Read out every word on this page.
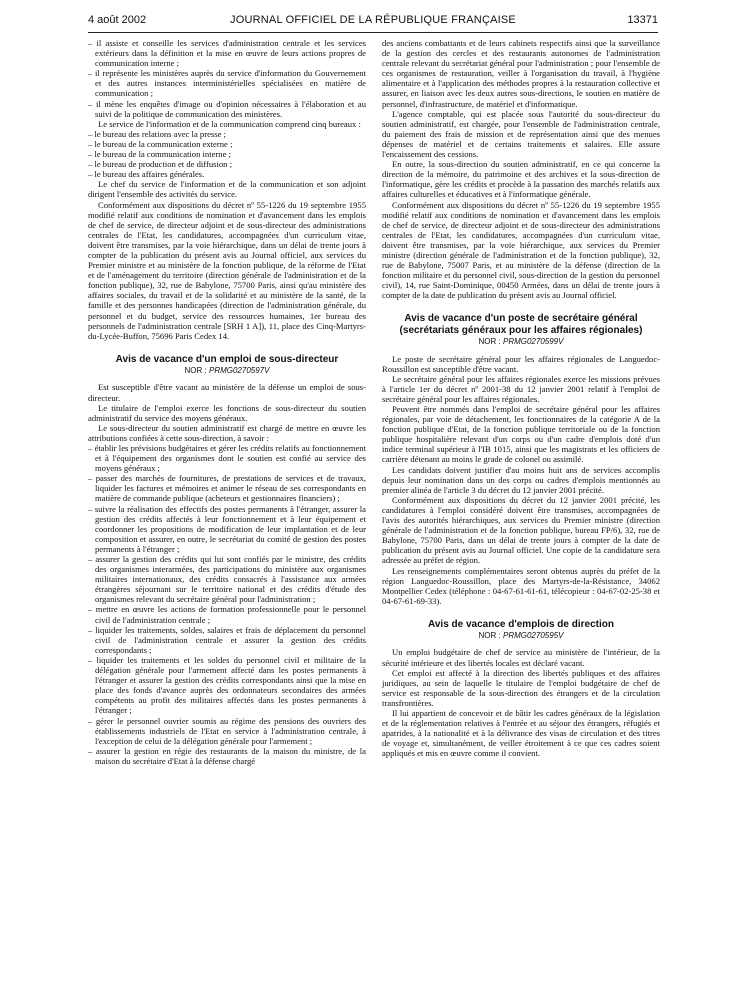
4 août 2002	JOURNAL OFFICIEL DE LA RÉPUBLIQUE FRANÇAISE	13371

– il assiste et conseille les services d'administration centrale et les services extérieurs dans la définition et la mise en œuvre de leurs actions propres de communication interne ;

– il représente les ministères auprès du service d'information du Gouvernement et des autres instances interministérielles spécialisées en matière de communication ;

– il mène les enquêtes d'image ou d'opinion nécessaires à l'élaboration et au suivi de la politique de communication des ministères.

Le service de l'information et de la communication comprend cinq bureaux :

– le bureau des relations avec la presse ;

– le bureau de la communication externe ;

– le bureau de la communication interne ;

– le bureau de production et de diffusion ;

– le bureau des affaires générales.

Le chef du service de l'information et de la communication et son adjoint dirigent l'ensemble des activités du service.

Conformément aux dispositions du décret nº 55-1226 du 19 septembre 1955 modifié relatif aux conditions de nomination et d'avancement dans les emplois de chef de service, de directeur adjoint et de sous-directeur des administrations centrales de l'Etat, les candidatures, accompagnées d'un curriculum vitae, doivent être transmises, par la voie hiérarchique, dans un délai de trente jours à compter de la publication du présent avis au Journal officiel, aux services du Premier ministre et au ministère de la fonction publique, de la réforme de l'Etat et de l'aménagement du territoire (direction générale de l'administration et de la fonction publique), 32, rue de Babylone, 75700 Paris, ainsi qu'au ministère des affaires sociales, du travail et de la solidarité et au ministère de la santé, de la famille et des personnes handicapées (direction de l'administration générale, du personnel et du budget, service des ressources humaines, 1er bureau des personnels de l'administration centrale [SRH 1 A]), 11, place des Cinq-Martyrs-du-Lycée-Buffon, 75696 Paris Cedex 14.

Avis de vacance d'un emploi de sous-directeur
NOR : PRMG0270597V

Est susceptible d'être vacant au ministère de la défense un emploi de sous-directeur.

Le titulaire de l'emploi exerce les fonctions de sous-directeur du soutien administratif du service des moyens généraux.

Le sous-directeur du soutien administratif est chargé de mettre en œuvre les attributions confiées à cette sous-direction, à savoir :

– établir les prévisions budgétaires et gérer les crédits relatifs au fonctionnement et à l'équipement des organismes dont le soutien est confié au service des moyens généraux ;

– passer des marchés de fournitures, de prestations de services et de travaux, liquider les factures et mémoires et animer le réseau de ses correspondants en matière de commande publique (acheteurs et gestionnaires financiers) ;

– suivre la réalisation des effectifs des postes permanents à l'étranger, assurer la gestion des crédits affectés à leur fonctionnement et à leur équipement et coordonner les propositions de modification de leur implantation et de leur composition et assurer, en outre, le secrétariat du comité de gestion des postes permanents à l'étranger ;

– assurer la gestion des crédits qui lui sont confiés par le ministre, des crédits des organismes interarmées, des participations du ministère aux organismes militaires internationaux, des crédits consacrés à l'assistance aux armées étrangères séjournant sur le territoire national et des crédits d'étude des organismes relevant du secrétaire général pour l'administration ;

– mettre en œuvre les actions de formation professionnelle pour le personnel civil de l'administration centrale ;

– liquider les traitements, soldes, salaires et frais de déplacement du personnel civil de l'administration centrale et assurer la gestion des crédits correspondants ;

– liquider les traitements et les soldes du personnel civil et militaire de la délégation générale pour l'armement affecté dans les postes permanents à l'étranger et assurer la gestion des crédits correspondants ainsi que la mise en place des fonds d'avance auprès des ordonnateurs secondaires des armées compétents au profit des militaires affectés dans les postes permanents à l'étranger ;

– gérer le personnel ouvrier soumis au régime des pensions des ouvriers des établissements industriels de l'Etat en service à l'administration centrale, à l'exception de celui de la délégation générale pour l'armement ;

– assurer la gestion en régie des restaurants de la maison du ministre, de la maison du secrétaire d'Etat à la défense chargé

des anciens combattants et de leurs cabinets respectifs ainsi que la surveillance de la gestion des cercles et des restaurants autonomes de l'administration centrale relevant du secrétariat général pour l'administration ; pour l'ensemble de ces organismes de restauration, veiller à l'organisation du travail, à l'hygiène alimentaire et à l'application des méthodes propres à la restauration collective et assurer, en liaison avec les deux autres sous-directions, le soutien en matière de personnel, d'infrastructure, de matériel et d'informatique.

L'agence comptable, qui est placée sous l'autorité du sous-directeur du soutien administratif, est chargée, pour l'ensemble de l'administration centrale, du paiement des frais de mission et de représentation ainsi que des menues dépenses de matériel et de certains traitements et salaires. Elle assure l'encaissement des cessions.

En outre, la sous-direction du soutien administratif, en ce qui concerne la direction de la mémoire, du patrimoine et des archives et la sous-direction de l'informatique, gère les crédits et procède à la passation des marchés relatifs aux affaires culturelles et éducatives et à l'informatique générale.

Conformément aux dispositions du décret nº 55-1226 du 19 septembre 1955 modifié relatif aux conditions de nomination et d'avancement dans les emplois de chef de service, de directeur adjoint et de sous-directeur des administrations centrales de l'Etat, les candidatures, accompagnées d'un curriculum vitae, doivent être transmises, par la voie hiérarchique, aux services du Premier ministre (direction générale de l'administration et de la fonction publique), 32, rue de Babylone, 75007 Paris, et au ministère de la défense (direction de la fonction militaire et du personnel civil, sous-direction de la gestion du personnel civil), 14, rue Saint-Dominique, 00450 Armées, dans un délai de trente jours à compter de la date de publication du présent avis au Journal officiel.

Avis de vacance d'un poste de secrétaire général
(secrétariats généraux pour les affaires régionales)
NOR : PRMG0270599V

Le poste de secrétaire général pour les affaires régionales de Languedoc-Roussillon est susceptible d'être vacant.

Le secrétaire général pour les affaires régionales exerce les missions prévues à l'article 1er du décret nº 2001-38 du 12 janvier 2001 relatif à l'emploi de secrétaire général pour les affaires régionales.

Peuvent être nommés dans l'emploi de secrétaire général pour les affaires régionales, par voie de détachement, les fonctionnaires de la catégorie A de la fonction publique d'Etat, de la fonction publique territoriale ou de la fonction publique hospitalière relevant d'un corps ou d'un cadre d'emplois doté d'un indice terminal supérieur à l'IB 1015, ainsi que les magistrats et les officiers de carrière détenant au moins le grade de colonel ou assimilé.

Les candidats doivent justifier d'au moins huit ans de services accomplis depuis leur nomination dans un des corps ou cadres d'emplois mentionnés au premier alinéa de l'article 3 du décret du 12 janvier 2001 précité.

Conformément aux dispositions du décret du 12 janvier 2001 précité, les candidatures à l'emploi considéré doivent être transmises, accompagnées de l'avis des autorités hiérarchiques, aux services du Premier ministre (direction générale de l'administration et de la fonction publique, bureau FP/6), 32, rue de Babylone, 75700 Paris, dans un délai de trente jours à compter de la date de publication du présent avis au Journal officiel. Une copie de la candidature sera adressée au préfet de région.

Les renseignements complémentaires seront obtenus auprès du préfet de la région Languedoc-Roussillon, place des Martyrs-de-la-Résistance, 34062 Montpellier Cedex (téléphone : 04-67-61-61-61, télécopieur : 04-67-02-25-38 et 04-67-61-69-33).

Avis de vacance d'emplois de direction
NOR : PRMG0270595V

Un emploi budgétaire de chef de service au ministère de l'intérieur, de la sécurité intérieure et des libertés locales est déclaré vacant.

Cet emploi est affecté à la direction des libertés publiques et des affaires juridiques, au sein de laquelle le titulaire de l'emploi budgétaire de chef de service est responsable de la sous-direction des étrangers et de la circulation transfrontières.

Il lui appartient de concevoir et de bâtir les cadres généraux de la législation et de la réglementation relatives à l'entrée et au séjour des étrangers, réfugiés et apatrides, à la nationalité et à la délivrance des visas de circulation et des titres de voyage et, simultanément, de veiller étroitement à ce que ces cadres soient appliqués et mis en œuvre comme il convient.
